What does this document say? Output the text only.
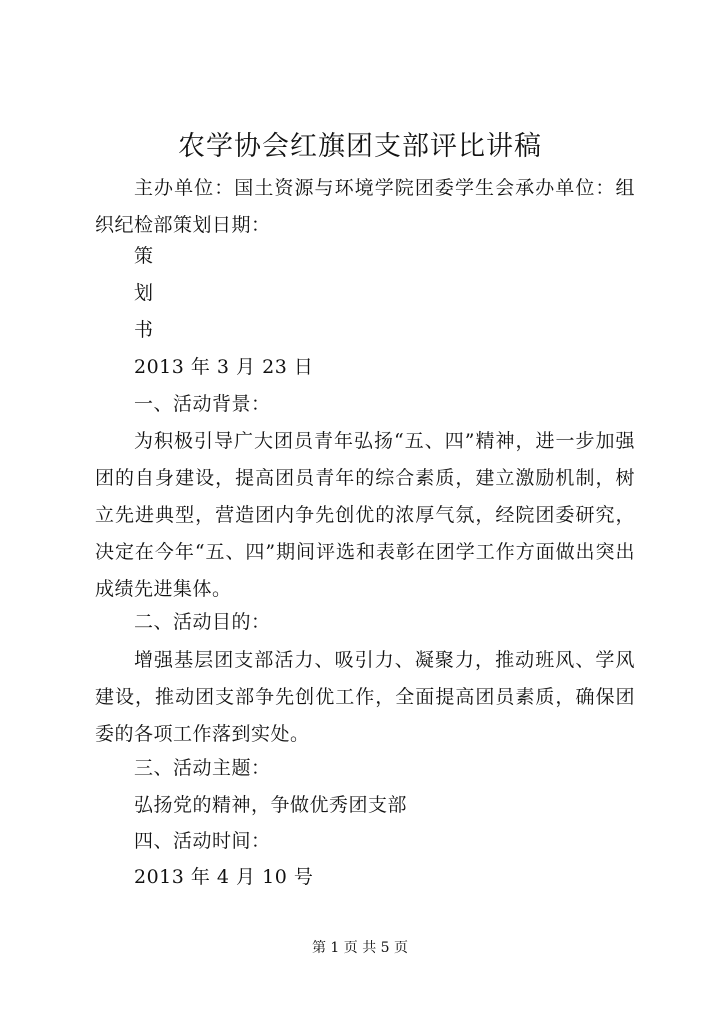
农学协会红旗团支部评比讲稿

主办单位：国土资源与环境学院团委学生会承办单位：组织纪检部策划日期：

策
划
书
2013 年 3 月 23 日
一、活动背景：

为积极引导广大团员青年弘扬“五、四”精神，进一步加强团的自身建设，提高团员青年的综合素质，建立激励机制，树立先进典型，营造团内争先创优的浓厚气氛，经院团委研究，决定在今年“五、四”期间评选和表彰在团学工作方面做出突出成绩先进集体。

二、活动目的：

增强基层团支部活力、吸引力、凝聚力，推动班风、学风建设，推动团支部争先创优工作，全面提高团员素质，确保团委的各项工作落到实处。

三、活动主题：
弘扬党的精神，争做优秀团支部
四、活动时间：
2013 年 4 月 10 号
第 1 页 共 5 页
